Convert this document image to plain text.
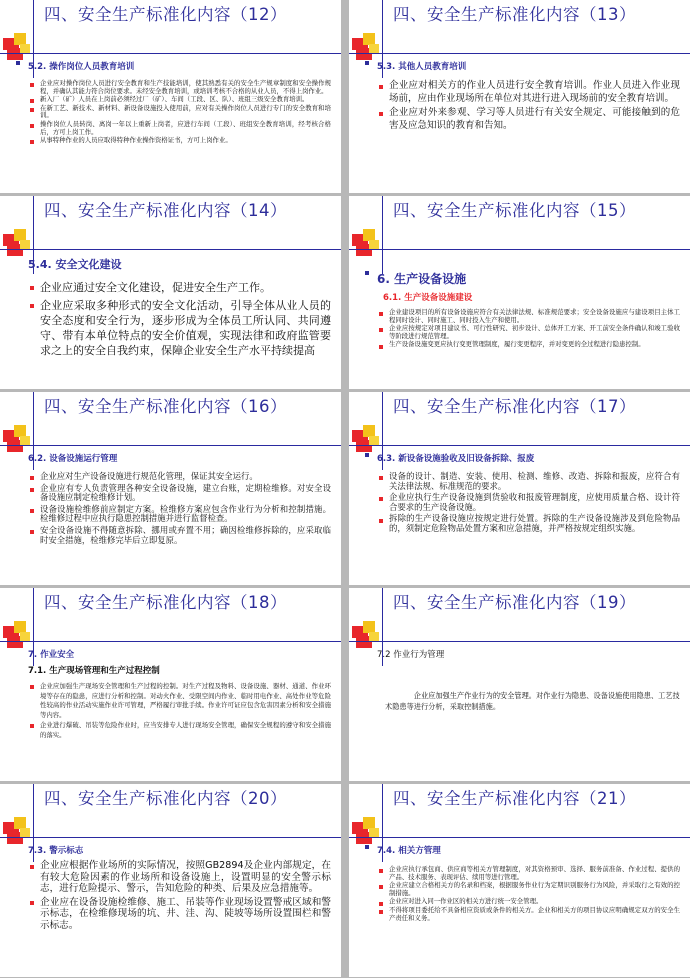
四、安全生产标准化内容（12）
5.2. 操作岗位人员教育培训
企业应对操作岗位人员进行安全教育和生产技能培训，使其熟悉有关的安全生产规章制度和安全操作规程，并确认其能力符合岗位要求。未经安全教育培训，或培训考核不合格的从业人员，不得上岗作业。
新入厂（矿）人员在上岗前必须经过厂（矿）、车间（工段、区、队）、班组三级安全教育培训。
在新工艺、新技术、新材料、新设备设施投入使用前，应对有关操作岗位人员进行专门的安全教育和培训。
操作岗位人员转岗、离岗一年以上重新上岗者，应进行车间（工段）、班组安全教育培训，经考核合格后，方可上岗工作。
从事特种作业的人员应取得特种作业操作资格证书，方可上岗作业。
四、安全生产标准化内容（13）
5.3. 其他人员教育培训
企业应对相关方的作业人员进行安全教育培训。作业人员进入作业现场前，应由作业现场所在单位对其进行进入现场前的安全教育培训。
企业应对外来参观、学习等人员进行有关安全规定、可能接触到的危害及应急知识的教育和告知。
四、安全生产标准化内容（14）
5.4. 安全文化建设
企业应通过安全文化建设，促进安全生产工作。
企业应采取多种形式的安全文化活动，引导全体从业人员的安全态度和安全行为，逐步形成为全体员工所认同、共同遵守、带有本单位特点的安全价值观，实现法律和政府监管要求之上的安全自我约束，保障企业安全生产水平持续提高
四、安全生产标准化内容（15）
6. 生产设备设施
6.1. 生产设备设施建设
企业建设项目的所有设备设施应符合有关法律法规、标准规范要求；安全设备设施应与建设项目主体工程同时设计、同时施工、同时投入生产和使用。
企业应按规定对项目建议书、可行性研究、初步设计、总体开工方案、开工前安全条件确认和竣工验收等阶段进行规范管理。
生产设备设施变更应执行变更管理制度，履行变更程序，并对变更的全过程进行隐患控制。
四、安全生产标准化内容（16）
6.2. 设备设施运行管理
企业应对生产设备设施进行规范化管理，保证其安全运行。
企业应有专人负责管理各种安全设备设施，建立台账，定期检维修。对安全设备设施应制定检维修计划。
设备设施检维修前应制定方案。检维修方案应包含作业行为分析和控制措施。检维修过程中应执行隐患控制措施并进行监督检查。
安全设备设施不得随意拆除、挪用或弃置不用；确因检维修拆除的，应采取临时安全措施，检维修完毕后立即复原。
四、安全生产标准化内容（17）
6.3. 新设备设施验收及旧设备拆除、报废
设备的设计、制造、安装、使用、检测、维修、改造、拆除和报废，应符合有关法律法规、标准规范的要求。
企业应执行生产设备设施到货验收和报废管理制度，应使用质量合格、设计符合要求的生产设备设施。
拆除的生产设备设施应按规定进行处置。拆除的生产设备设施涉及到危险物品的，须制定危险物品处置方案和应急措施，并严格按规定组织实施。
四、安全生产标准化内容（18）
7. 作业安全
7.1. 生产现场管理和生产过程控制
企业应加强生产现场安全管理和生产过程的控制。对生产过程及物料、设备设施、器材、通道、作业环境等存在的隐患，应进行分析和控制。对动火作业、受限空间内作业、临时用电作业、高处作业等危险性较高的作业活动实施作业许可管理，严格履行审批手续。作业许可证应包含危害因素分析和安全措施等内容。
企业进行爆破、吊装等危险作业时，应当安排专人进行现场安全管理，确保安全规程的遵守和安全措施的落实。
四、安全生产标准化内容（19）
7.2 作业行为管理
企业应加强生产作业行为的安全管理。对作业行为隐患、设备设施使用隐患、工艺技术隐患等进行分析，采取控制措施。
四、安全生产标准化内容（20）
7.3. 警示标志
企业应根据作业场所的实际情况，按照GB2894及企业内部规定，在有较大危险因素的作业场所和设备设施上，设置明显的安全警示标志，进行危险提示、警示，告知危险的种类、后果及应急措施等。
企业应在设备设施检维修、施工、吊装等作业现场设置警戒区域和警示标志，在检维修现场的坑、井、洼、沟、陡坡等场所设置围栏和警示标志。
四、安全生产标准化内容（21）
7.4. 相关方管理
企业应执行承包商、供应商等相关方管理制度，对其资格预审、选择、服务前准备、作业过程、提供的产品、技术服务、表现评估、续用等进行管理。
企业应建立合格相关方的名录和档案，根据服务作业行为定期识别服务行为风险，并采取行之有效的控制措施。
企业应对进入同一作业区的相关方进行统一安全管理。
不得将项目委托给不具备相应资质或条件的相关方。企业和相关方的项目协议应明确规定双方的安全生产责任和义务。
